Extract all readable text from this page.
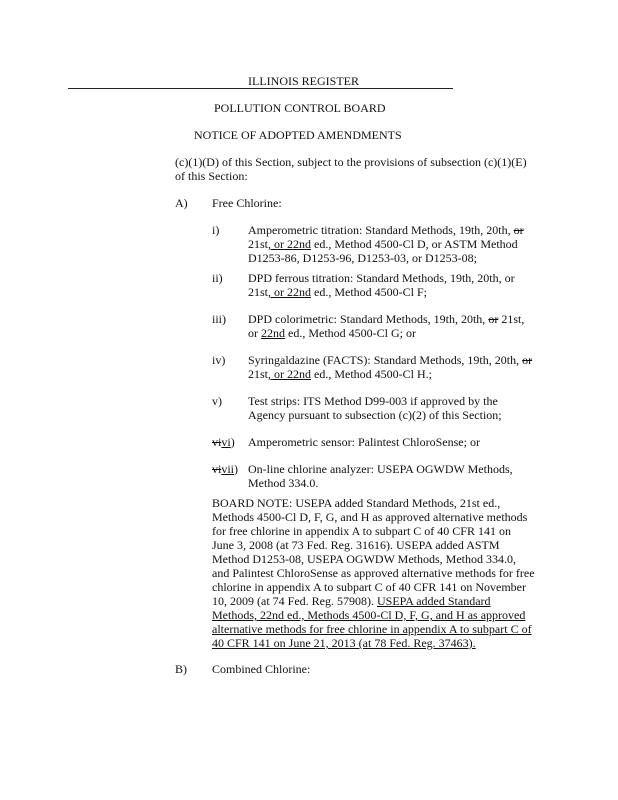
ILLINOIS REGISTER
POLLUTION CONTROL BOARD
NOTICE OF ADOPTED AMENDMENTS
(c)(1)(D) of this Section, subject to the provisions of subsection (c)(1)(E)
of this Section:
A) Free Chlorine:
i) Amperometric titration: Standard Methods, 19th, 20th, or
21st, or 22nd ed., Method 4500-Cl D, or ASTM Method
D1253-86, D1253-96, D1253-03, or D1253-08;
ii) DPD ferrous titration: Standard Methods, 19th, 20th, or
21st, or 22nd ed., Method 4500-Cl F;
iii) DPD colorimetric: Standard Methods, 19th, 20th, or 21st,
or 22nd ed., Method 4500-Cl G; or
iv) Syringaldazine (FACTS): Standard Methods, 19th, 20th, or
21st, or 22nd ed., Method 4500-Cl H.;
v) Test strips: ITS Method D99-003 if approved by the
Agency pursuant to subsection (c)(2) of this Section;
vivi) Amperometric sensor: Palintest ChloroSense; or
vivii) On-line chlorine analyzer: USEPA OGWDW Methods,
Method 334.0.
BOARD NOTE: USEPA added Standard Methods, 21st ed.,
Methods 4500-Cl D, F, G, and H as approved alternative methods
for free chlorine in appendix A to subpart C of 40 CFR 141 on
June 3, 2008 (at 73 Fed. Reg. 31616). USEPA added ASTM
Method D1253-08, USEPA OGWDW Methods, Method 334.0,
and Palintest ChloroSense as approved alternative methods for free
chlorine in appendix A to subpart C of 40 CFR 141 on November
10, 2009 (at 74 Fed. Reg. 57908). USEPA added Standard
Methods, 22nd ed., Methods 4500-Cl D, F, G, and H as approved
alternative methods for free chlorine in appendix A to subpart C of
40 CFR 141 on June 21, 2013 (at 78 Fed. Reg. 37463).
B) Combined Chlorine:
